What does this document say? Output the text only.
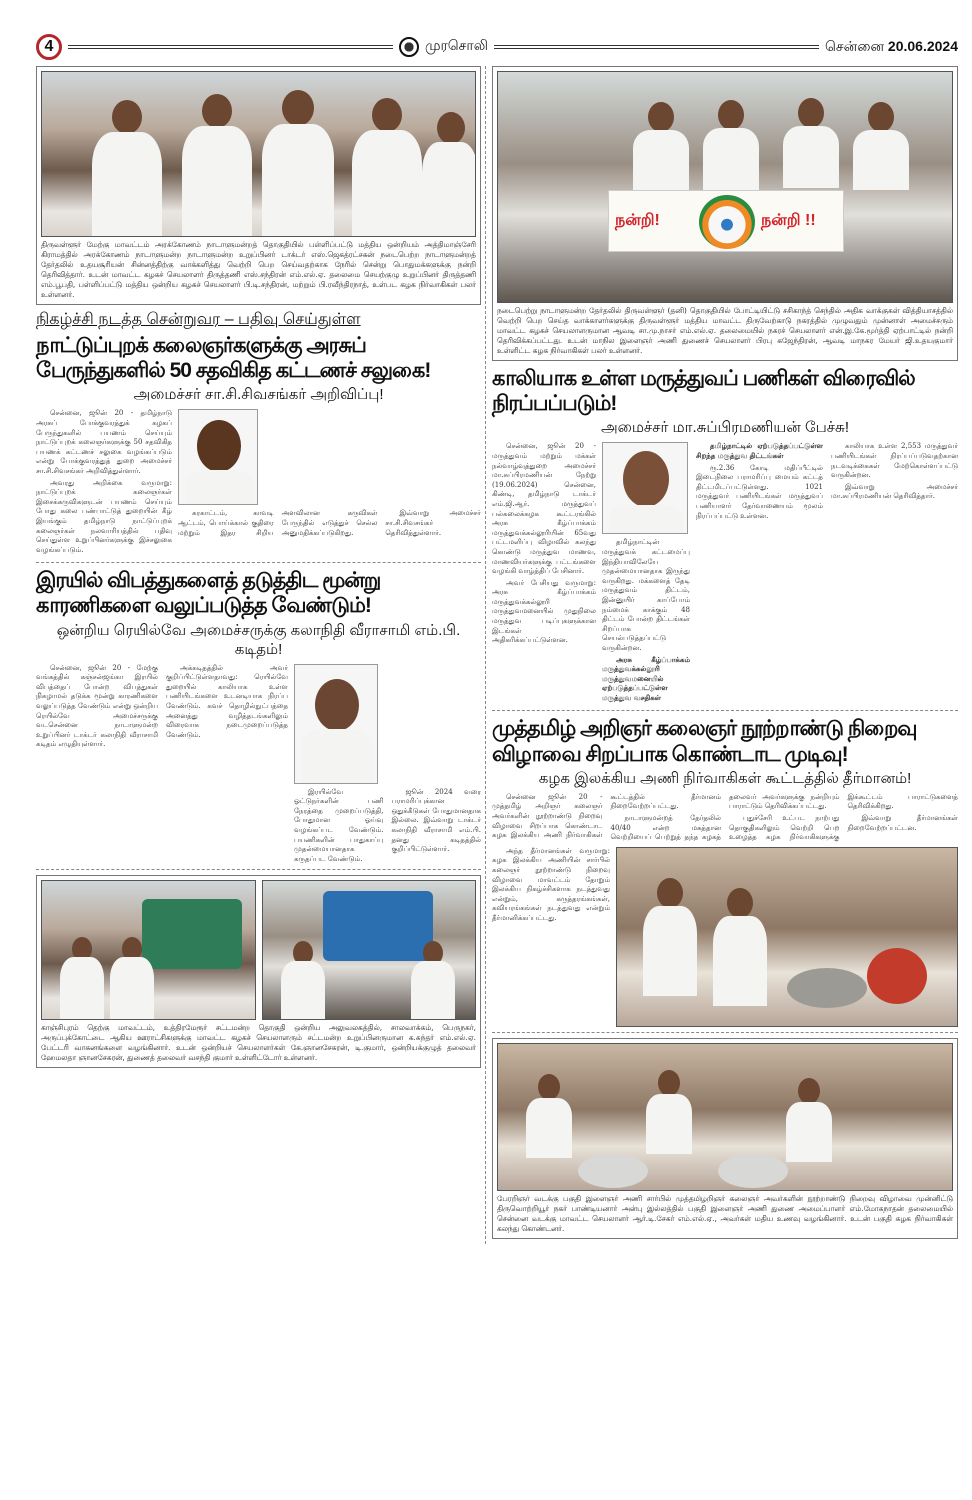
4	முரசொலி	சென்னை 20.06.2024
திருவள்ளூர் மேற்கு மாவட்டம் அரக்கோணம் நாடாளுமன்றத் தொகுதியில் பள்ளிப்பட்டு மத்திய ஒன்றியம் அத்திமாஞ்சேரி கிராமத்தில் அரக்கோணம் நாடாளுமன்ற நாடாளுமன்ற உறுப்பினர் டாக்டர் எஸ்.ஜெகத்ரட்சகன் நடைபெற்ற நாடாளுமன்றத் தேர்தலில் உதயசூரியன் சின்னத்திற்கு வாக்களித்து வெற்றி பெற செய்வதற்காக நேரில் சென்று பொதுமக்களுக்கு நன்றி தெரிவித்தார். உடன் மாவட்ட கழகச் செயலாளர் திருத்தணி எஸ்.சந்திரன் எம்.எல்.ஏ. தலைமை செயற்குழு உறுப்பினர் திருத்தணி எம்.பூபதி, பள்ளிப்பட்டு மத்திய ஒன்றிய கழகச் செயலாளர் பி.டி.சந்திரன், மற்றும் பி.ரவீந்திரநாத், உள்பட கழக நிர்வாகிகள் பலர் உள்ளனர்.
நிகழ்ச்சி நடத்த சென்றுவர – பதிவு செய்துள்ள
நாட்டுப்புறக் கலைஞர்களுக்கு அரசுப் பேருந்துகளில் 50 சதவிகித கட்டணச் சலுகை!
அமைச்சர் சா.சி.சிவசங்கர் அறிவிப்பு!

சென்னை, ஜூன் 20 - தமிழ்நாடு அரசுப் போக்குவரத்துக் கழகப் பேருந்துகளில் பயணம் செய்யும் நாட்டுப்புறக் கலைஞர்களுக்கு 50 சதவிகித பயணக் கட்டணச் சலுகை வழங்கப்படும் என்று போக்குவரத்துத் துறை அமைச்சர் சா.சி.சிவசங்கர் அறிவித்துள்ளார்.

அவரது அறிக்கை வருமாறு: நாட்டுப்புறக் கலைஞர்கள் இசைக்கருவிகளுடன் பயணம் செய்யும் போது கலை பண்பாட்டுத் துறையின் கீழ் இயங்கும் தமிழ்நாடு நாட்டுப்புறக் கலைஞர்கள் நலவாரியத்தில் பதிவு செய்துள்ள உறுப்பினர்களுக்கு இச்சலுகை வழங்கப்படும்.

கரகாட்டம், காவடி ஆட்டம், பொய்க்கால் குதிரை மற்றும் இதர சிறிய அளவிலான கருவிகள் பேருந்தில் எடுத்துச் செல்ல அனுமதிக்கப்படுகிறது.

இவ்வாறு அமைச்சர் சா.சி.சிவசங்கர் தெரிவித்துள்ளார்.

இரயில் விபத்துகளைத் தடுத்திட மூன்று காரணிகளை வலுப்படுத்த வேண்டும்!
ஒன்றிய ரெயில்வே அமைச்சருக்கு கலாநிதி வீராசாமி எம்.பி. கடிதம்!

சென்னை, ஜூன் 20 - மேற்கு வங்கத்தில் கஞ்சன்ஜங்கா இரயில் விபத்தைப் போன்ற விபத்துகள் நிகழாமல் தடுக்க மூன்று காரணிகளை வலுப்படுத்த வேண்டும் என்று ஒன்றிய ரெயில்வே அமைச்சருக்கு வடசென்னை நாடாளுமன்ற உறுப்பினர் டாக்டர் கலாநிதி வீராசாமி கடிதம் எழுதியுள்ளார்.

அக்கடிதத்தில் அவர் குறிப்பிட்டுள்ளதாவது: ரெயில்வே துறையில் காலியாக உள்ள பணியிடங்களை உடனடியாக நிரப்ப வேண்டும். கவச் தொழில்நுட்பத்தை அனைத்து வழித்தடங்களிலும் விரைவாக நடைமுறைப்படுத்த வேண்டும்.

இரயில்வே ஓட்டுநர்களின் பணி நேரத்தை முறைப்படுத்தி, போதுமான ஓய்வு வழங்கப்பட வேண்டும். பயணிகளின் பாதுகாப்பு முதன்மையானதாக கருதப்பட வேண்டும்.

ஜூன் 2024 வரை பராமரிப்புக்கான ஒதுக்கீடுகள் போதுமானதாக இல்லை. இவ்வாறு டாக்டர் கலாநிதி வீராசாமி எம்.பி. தனது கடிதத்தில் குறிப்பிட்டுள்ளார்.

காஞ்சிபுரம் தெற்கு மாவட்டம், உத்திரமேரூர் சட்டமன்ற தொகுதி ஒன்றிய அலுவலகத்தில், சாலவாக்கம், பெருநகர், அருப்புக்கோட்டை ஆகிய ஊராட்சிகளுக்கு மாவட்ட கழகச் செயலாளரும் சட்டமன்ற உறுப்பினருமான க.சுந்தர் எம்.எல்.ஏ. பேட்டரி வாகனங்களை வழங்கினார். உடன் ஒன்றியச் செயலாளர்கள் கே.ஞானசேகரன், டி.குமார், ஒன்றியக்குழுத் தலைவர் ஹேமலதா ஞானசேகரன், துணைத் தலைவர் வசந்தி குமார் உள்ளிட்டோர் உள்ளனர்.
நன்றி!	நன்றி !!
நடைபெற்று நாடாளுமன்ற தேர்தலில் திருவள்ளூர் (தனி) தொகுதியில் போட்டியிட்டு சசிகாந்த் செந்தில் அதிக வாக்குகள் வித்தியாசத்தில் வெற்றி பெற செய்த வாக்காளர்களுக்கு திருவள்ளூர் மத்திய மாவட்ட திருவேற்காடு நகரத்தில் முழுவதும் முன்னாள் அமைச்சரும் மாவட்ட கழகச் செயலாளருமான ஆவடி சா.மு.நாசர் எம்.எல்.ஏ. தலைமையில் நகரச் செயலாளர் என்.இ.கே.மூர்த்தி ஏற்பாட்டில் நன்றி தெரிவிக்கப்பட்டது. உடன் மாநில இளைஞர் அணி துணைச் செயலாளர் பிரபு கஜேந்திரன், ஆவடி மாநகர மேயர் ஜி.உதயகுமார் உள்ளிட்ட கழக நிர்வாகிகள் பலர் உள்ளனர்.
காலியாக உள்ள மருத்துவப் பணிகள் விரைவில் நிரப்பப்படும்!
அமைச்சர் மா.சுப்பிரமணியன் பேச்சு!

சென்னை, ஜூன் 20 - மருத்துவம் மற்றும் மக்கள் நல்வாழ்வுத்துறை அமைச்சர் மா.சுப்பிரமணியன் நேற்று (19.06.2024) சென்னை, கிண்டி, தமிழ்நாடு டாக்டர் எம்.ஜி.ஆர். மருத்துவப் பல்கலைக்கழக கூட்டரங்கில் அரசு கீழ்ப்பாக்கம் மருத்துவக்கல்லூரியின் 65வது பட்டமளிப்பு விழாவில் கலந்து கொண்டு மருத்துவ மாணவ, மாணவியர்களுக்கு பட்டங்களை வழங்கி வாழ்த்திப் பேசினார்.

அவர் பேசியது வருமாறு: அரசு கீழ்ப்பாக்கம் மருத்துவக்கல்லூரி மருத்துவமனையில் முதுநிலை மருத்துவ படிப்புகளுக்கான இடங்கள் அதிகரிக்கப்பட்டுள்ளன.

தமிழ்நாட்டின் மருத்துவக் கட்டமைப்பு இந்தியாவிலேயே முதன்மையானதாக இருந்து வருகிறது. மக்களைத் தேடி மருத்துவம் திட்டம், இன்னுயிர் காப்போம் நம்மைக் காக்கும் 48 திட்டம் போன்ற திட்டங்கள் சிறப்பாக செயல்படுத்தப்பட்டு வருகின்றன.

அரசு கீழ்ப்பாக்கம் மருத்துவக்கல்லூரி மருத்துவமனையில் ஏற்படுத்தப்பட்டுள்ள மருத்துவ வசதிகள்

தமிழ்நாட்டில் ஏற்படுத்தப்பட்டுள்ள சிறந்த மருத்துவ திட்டங்கள்

ரூ.2.36 கோடி மதிப்பீட்டில் இடைநிலை பராமரிப்பு மையம் கட்டத் திட்டமிடப்பட்டுள்ளது. 1021 மருத்துவர் பணியிடங்கள் மருத்துவப் பணியாளர் தேர்வாணையம் மூலம் நிரப்பப்பட்டு உள்ளன.

காலியாக உள்ள 2,553 மருத்துவர் பணியிடங்கள் நிரப்பப்படுவதற்கான நடவடிக்கைகள் மேற்கொள்ளப்பட்டு வருகின்றன.

இவ்வாறு அமைச்சர் மா.சுப்பிரமணியன் தெரிவித்தார்.

முத்தமிழ் அறிஞர் கலைஞர் நூற்றாண்டு நிறைவு விழாவை சிறப்பாக கொண்டாட முடிவு!
கழக இலக்கிய அணி நிர்வாகிகள் கூட்டத்தில் தீர்மானம்!

சென்னை ஜூன் 20 - முத்தமிழ் அறிஞர் கலைஞர் அவர்களின் நூற்றாண்டு நிறைவு விழாவை சிறப்பாக கொண்டாட கழக இலக்கிய அணி நிர்வாகிகள் கூட்டத்தில் தீர்மானம் நிறைவேற்றப்பட்டது.

நாடாளுமன்றத் தேர்தலில் 40/40 என்ற மகத்தான வெற்றியைப் பெற்றுத் தந்த கழகத் தலைவர் அவர்களுக்கு நன்றியும் பாராட்டும் தெரிவிக்கப்பட்டது.

புதுச்சேரி உட்பட நாற்பது தொகுதிகளிலும் வெற்றி பெற உழைத்த கழக நிர்வாகிகளுக்கு இக்கூட்டம் பாராட்டுகளைத் தெரிவிக்கிறது.

இவ்வாறு தீர்மானங்கள் நிறைவேற்றப்பட்டன.

அந்த தீர்மானங்கள் வருமாறு: கழக இலக்கிய அணியின் சார்பில் கலைஞர் நூற்றாண்டு நிறைவு விழாவை மாவட்டம் தோறும் இலக்கிய நிகழ்ச்சிகளாக நடத்துவது என்றும், கருத்தரங்கங்கள், கவியரங்கங்கள் நடத்துவது என்றும் தீர்மானிக்கப்பட்டது.

பேரறிஞர் வடக்கு பகுதி இளைஞர் அணி சார்பில் முத்தமிழறிஞர் கலைஞர் அவர்களின் நூற்றாண்டு நிறைவு விழாவை முன்னிட்டு திருவொற்றியூர் நகர் பாண்டியனார் அன்பு இல்லத்தில் பகுதி இளைஞர் அணி துணை அமைப்பாளர் எம்.மோகநாதன் தலைமையில் சென்னை வடக்கு மாவட்ட செயலாளர் ஆர்.டி.சேகர் எம்.எல்.ஏ., அவர்கள் மதிய உணவு வழங்கினார். உடன் பகுதி கழக நிர்வாகிகள் கலந்து கொண்டனர்.
